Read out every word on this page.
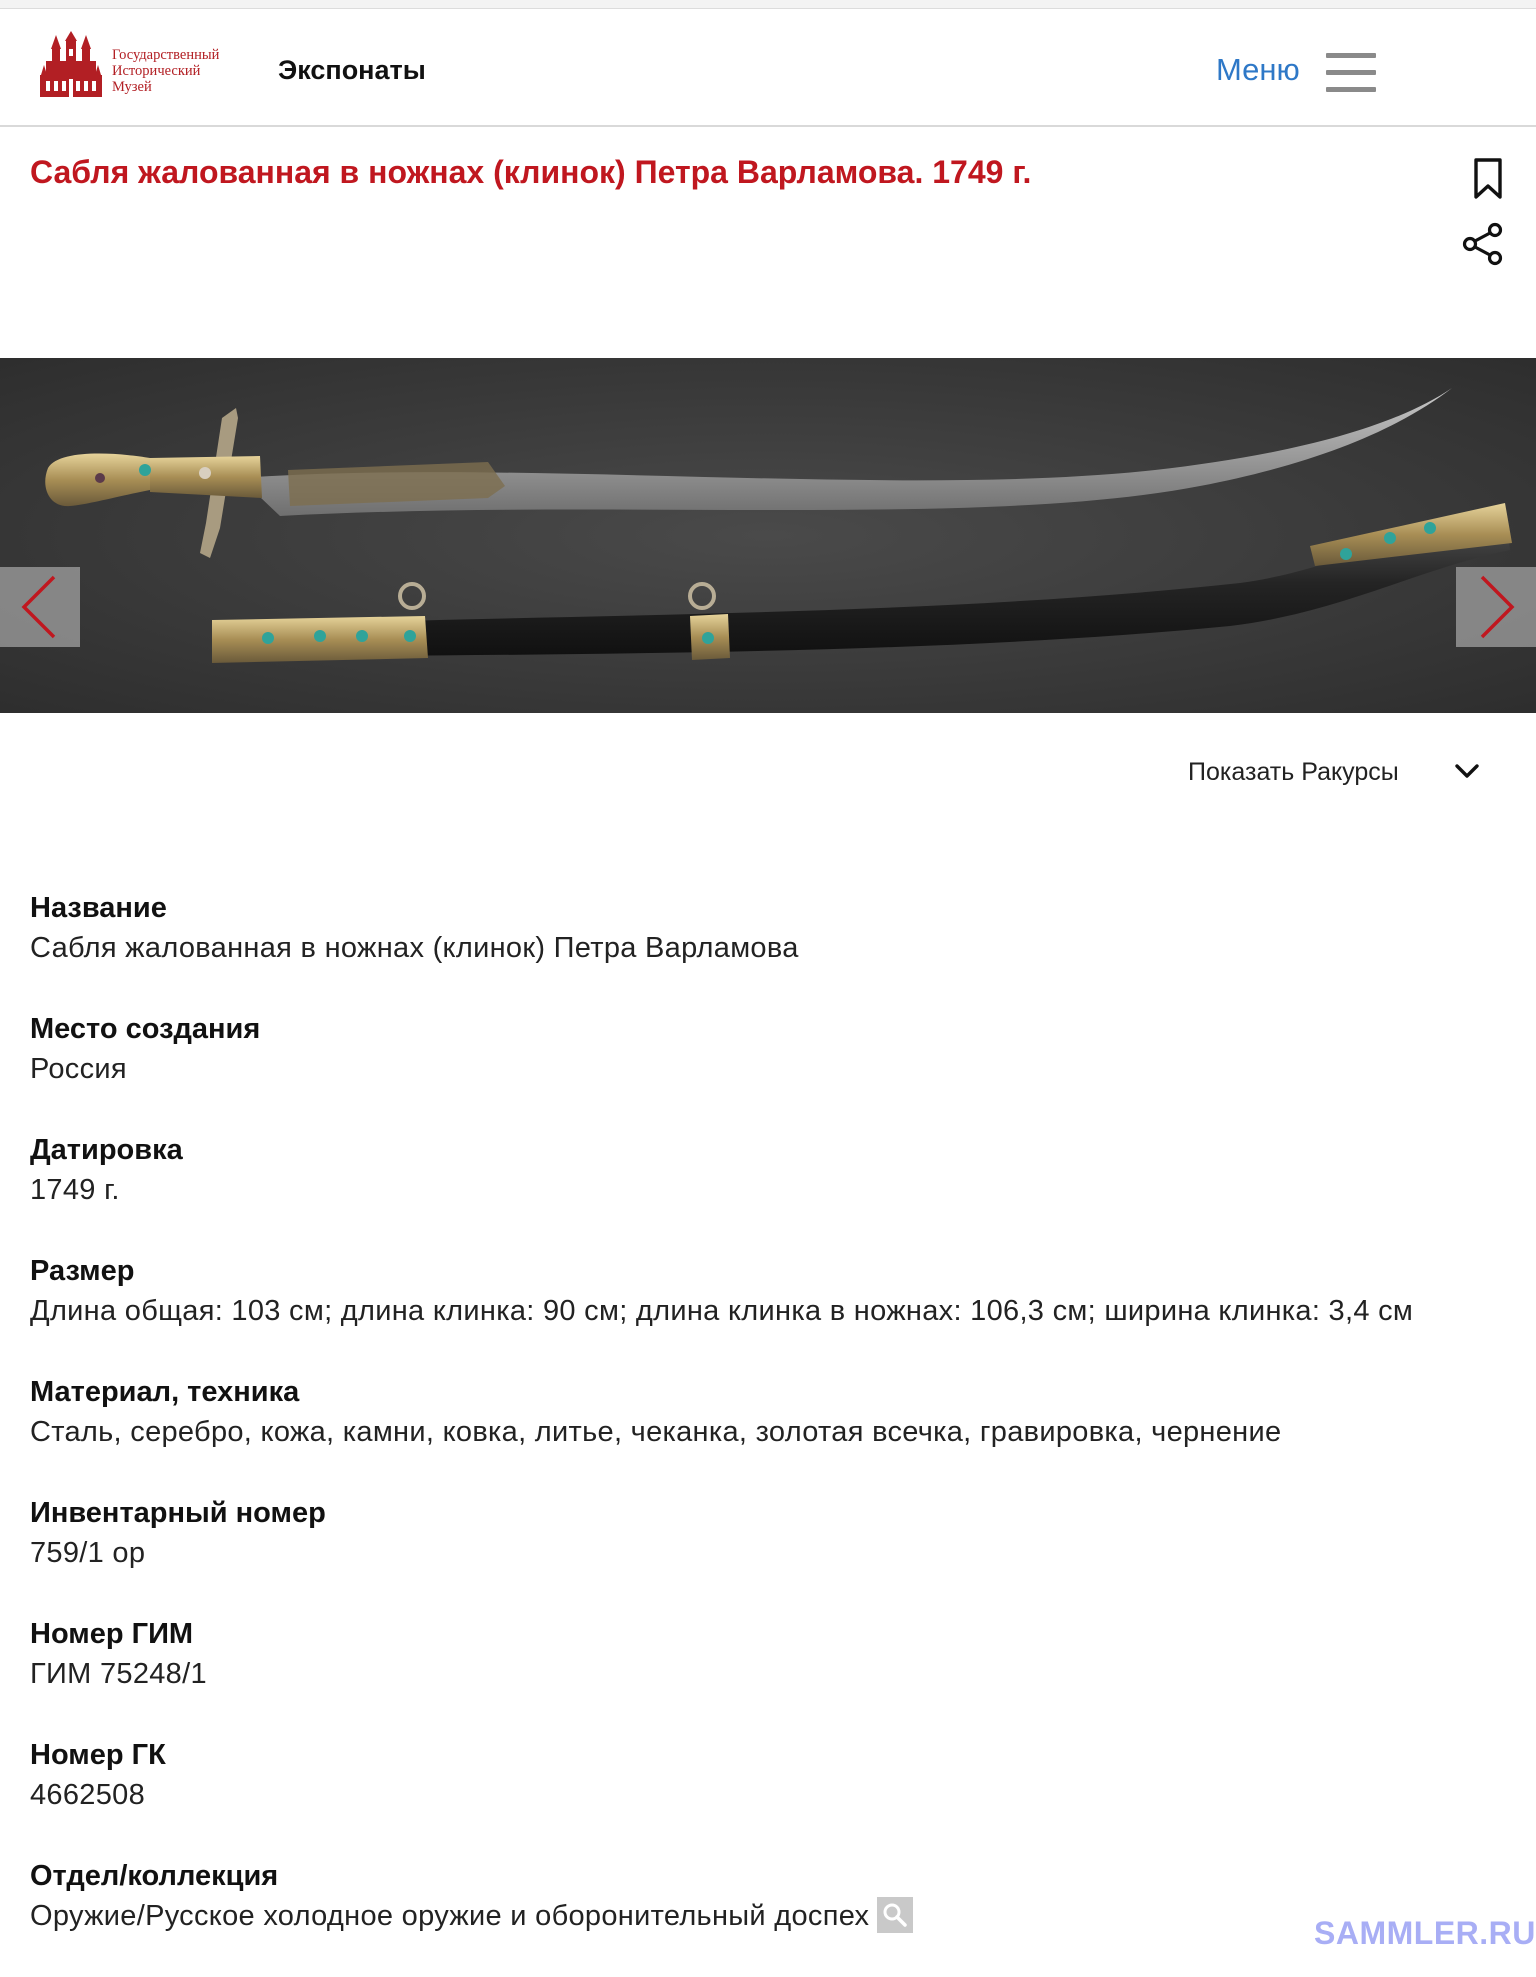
Государственный
Исторический
Музей
Экспонаты	Меню
Сабля жалованная в ножнах (клинок) Петра Варламова. 1749 г.
Показать Ракурсы
Название
Сабля жалованная в ножнах (клинок) Петра Варламова
Место создания
Россия
Датировка
1749 г.
Размер
Длина общая: 103 см; длина клинка: 90 см; длина клинка в ножнах: 106,3 см; ширина клинка: 3,4 см
Материал, техника
Сталь, серебро, кожа, камни, ковка, литье, чеканка, золотая всечка, гравировка, чернение
Инвентарный номер
759/1 ор
Номер ГИМ
ГИМ 75248/1
Номер ГК
4662508
Отдел/коллекция
Оружие/Русское холодное оружие и оборонительный доспех	SAMMLER.RU
